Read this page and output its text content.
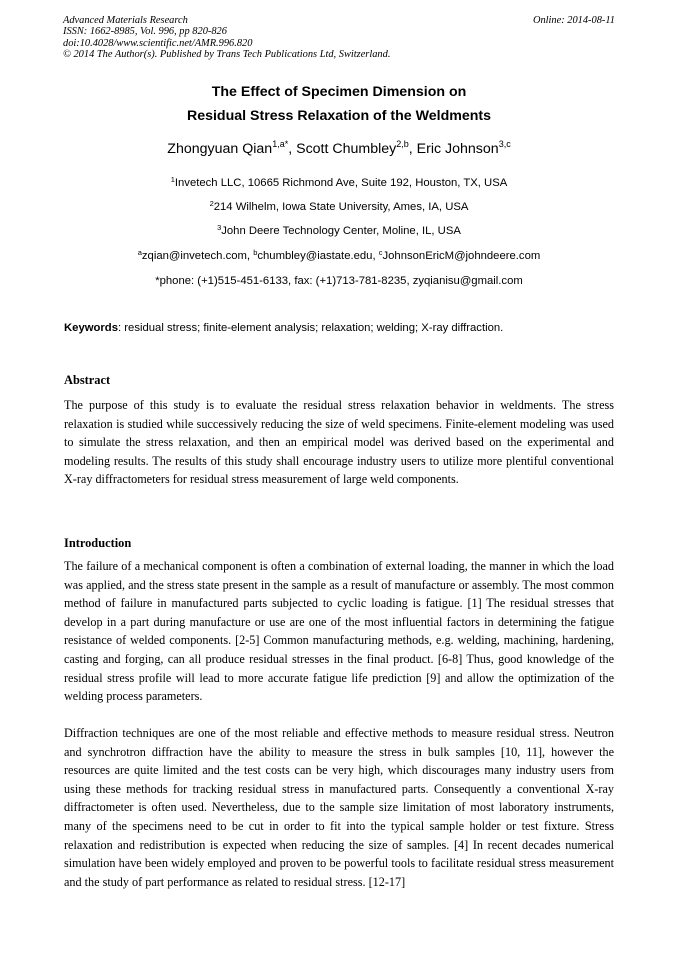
Advanced Materials Research	Online: 2014-08-11
ISSN: 1662-8985, Vol. 996, pp 820-826
doi:10.4028/www.scientific.net/AMR.996.820
© 2014 The Author(s). Published by Trans Tech Publications Ltd, Switzerland.
The Effect of Specimen Dimension on
Residual Stress Relaxation of the Weldments
Zhongyuan Qian$^{1,a*}$, Scott Chumbley$^{2,b}$, Eric Johnson$^{3,c}$
$^1$Invetech LLC, 10665 Richmond Ave, Suite 192, Houston, TX, USA
$^2$214 Wilhelm, Iowa State University, Ames, IA, USA
$^3$John Deere Technology Center, Moline, IL, USA
$^a$zqian@invetech.com, $^b$chumbley@iastate.edu, $^c$JohnsonEricM@johndeere.com
*phone: (+1)515-451-6133, fax: (+1)713-781-8235, zyqianisu@gmail.com
Keywords: residual stress; finite-element analysis; relaxation; welding; X-ray diffraction.
Abstract

The purpose of this study is to evaluate the residual stress relaxation behavior in weldments. The stress relaxation is studied while successively reducing the size of weld specimens. Finite-element modeling was used to simulate the stress relaxation, and then an empirical model was derived based on the experimental and modeling results. The results of this study shall encourage industry users to utilize more plentiful conventional X-ray diffractometers for residual stress measurement of large weld components.

Introduction

The failure of a mechanical component is often a combination of external loading, the manner in which the load was applied, and the stress state present in the sample as a result of manufacture or assembly. The most common method of failure in manufactured parts subjected to cyclic loading is fatigue. [1] The residual stresses that develop in a part during manufacture or use are one of the most influential factors in determining the fatigue resistance of welded components. [2-5] Common manufacturing methods, e.g. welding, machining, hardening, casting and forging, can all produce residual stresses in the final product. [6-8] Thus, good knowledge of the residual stress profile will lead to more accurate fatigue life prediction [9] and allow the optimization of the welding process parameters.

Diffraction techniques are one of the most reliable and effective methods to measure residual stress. Neutron and synchrotron diffraction have the ability to measure the stress in bulk samples [10, 11], however the resources are quite limited and the test costs can be very high, which discourages many industry users from using these methods for tracking residual stress in manufactured parts. Consequently a conventional X-ray diffractometer is often used. Nevertheless, due to the sample size limitation of most laboratory instruments, many of the specimens need to be cut in order to fit into the typical sample holder or test fixture. Stress relaxation and redistribution is expected when reducing the size of samples. [4] In recent decades numerical simulation have been widely employed and proven to be powerful tools to facilitate residual stress measurement and the study of part performance as related to residual stress. [12-17]
